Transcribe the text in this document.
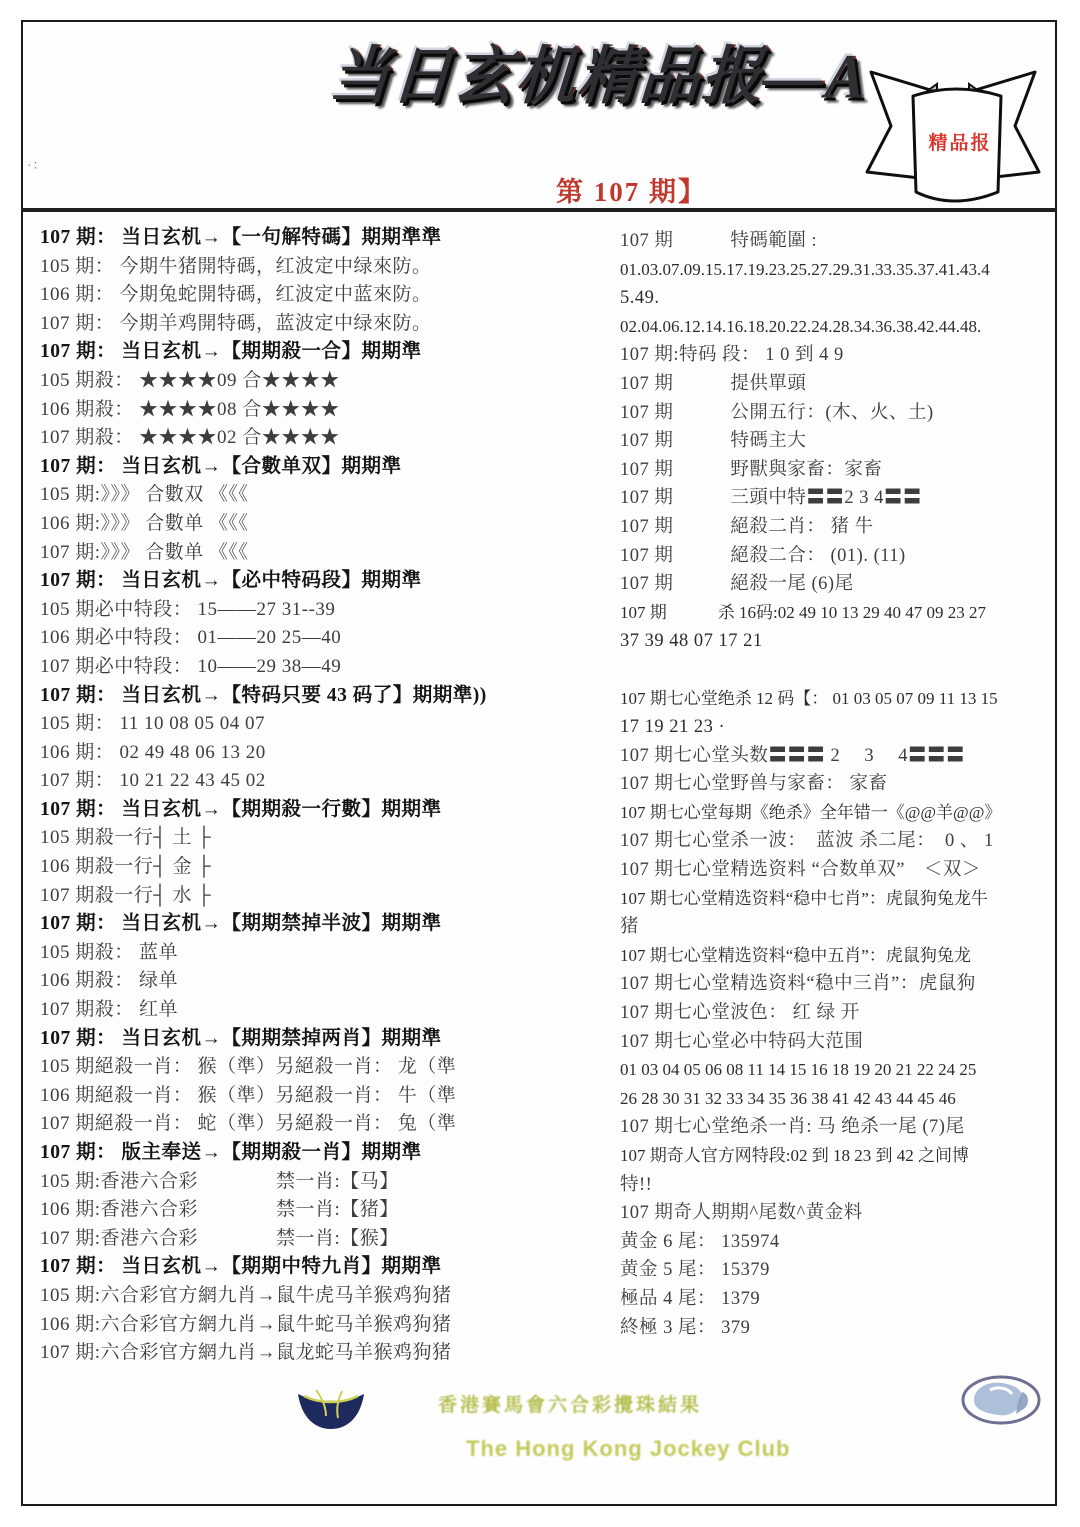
当日玄机精品报—A
第 107 期】
·∶
精品报
107 期： 当日玄机→【一句解特碼】期期準準
105 期： 今期牛猪開特碼，红波定中绿來防。
106 期： 今期兔蛇開特碼，红波定中蓝來防。
107 期： 今期羊鸡開特碼，蓝波定中绿來防。
107 期： 当日玄机→【期期殺一合】期期準
105 期殺： ★★★★09 合★★★★
106 期殺： ★★★★08 合★★★★
107 期殺： ★★★★02 合★★★★
107 期： 当日玄机→【合數单双】期期準
105 期:》》》 合數双 《《《
106 期:》》》 合數单 《《《
107 期:》》》 合數单 《《《
107 期： 当日玄机→【必中特码段】期期準
105 期必中特段： 15——27 31--39
106 期必中特段： 01——20 25—40
107 期必中特段： 10——29 38—49
107 期： 当日玄机→【特码只要 43 码了】期期準))
105 期： 11 10 08 05 04 07
106 期： 02 49 48 06 13 20
107 期： 10 21 22 43 45 02
107 期： 当日玄机→【期期殺一行數】期期準
105 期殺一行┤ 土 ├
106 期殺一行┤ 金 ├
107 期殺一行┤ 水 ├
107 期： 当日玄机→【期期禁掉半波】期期準
105 期殺： 蓝单
106 期殺： 绿单
107 期殺： 红单
107 期： 当日玄机→【期期禁掉两肖】期期準
105 期絕殺一肖： 猴（準）另絕殺一肖： 龙（準
106 期絕殺一肖： 猴（準）另絕殺一肖： 牛（準
107 期絕殺一肖： 蛇（準）另絕殺一肖： 兔（準
107 期： 版主奉送→【期期殺一肖】期期準
105 期:香港六合彩　　　　禁一肖:【马】
106 期:香港六合彩　　　　禁一肖:【猪】
107 期:香港六合彩　　　　禁一肖:【猴】
107 期： 当日玄机→【期期中特九肖】期期準
105 期:六合彩官方網九肖→鼠牛虎马羊猴鸡狗猪
106 期:六合彩官方網九肖→鼠牛蛇马羊猴鸡狗猪
107 期:六合彩官方網九肖→鼠龙蛇马羊猴鸡狗猪
107 期　　　特碼範圍 :
01.03.07.09.15.17.19.23.25.27.29.31.33.35.37.41.43.4
5.49.
02.04.06.12.14.16.18.20.22.24.28.34.36.38.42.44.48.
107 期:特码 段： 1 0 到 4 9
107 期　　　提供單頭
107 期　　　公開五行：(木、火、土)
107 期　　　特碼主大
107 期　　　野獸與家畜：家畜
107 期　　　三頭中特〓〓2 3 4〓〓
107 期　　　絕殺二肖： 猪 牛
107 期　　　絕殺二合： (01). (11)
107 期　　　絕殺一尾 (6)尾
107 期　　　杀 16码:02 49 10 13 29 40 47 09 23 27
37 39 48 07 17 21
107 期七心堂绝杀 12 码【： 01 03 05 07 09 11 13 15
17 19 21 23 ·
107 期七心堂头数〓〓〓 2　 3　 4〓〓〓
107 期七心堂野兽与家畜： 家畜
107 期七心堂每期《绝杀》全年错一《@@羊@@》
107 期七心堂杀一波：　蓝波 杀二尾：　0 、 1
107 期七心堂精选资料 “合数单双”　＜双＞
107 期七心堂精选资料“稳中七肖”：虎鼠狗兔龙牛
猪
107 期七心堂精选资料“稳中五肖”：虎鼠狗兔龙
107 期七心堂精选资料“稳中三肖”：虎鼠狗
107 期七心堂波色： 红 绿 开
107 期七心堂必中特码大范围
01 03 04 05 06 08 11 14 15 16 18 19 20 21 22 24 25
26 28 30 31 32 33 34 35 36 38 41 42 43 44 45 46
107 期七心堂绝杀一肖: 马 绝杀一尾 (7)尾
107 期奇人官方网特段:02 到 18 23 到 42 之间博
特!!
107 期奇人期期^尾数^黄金料
黄金 6 尾： 135974
黄金 5 尾： 15379
極品 4 尾： 1379
終極 3 尾： 379
香港賽馬會六合彩攪珠結果
The Hong Kong Jockey Club
